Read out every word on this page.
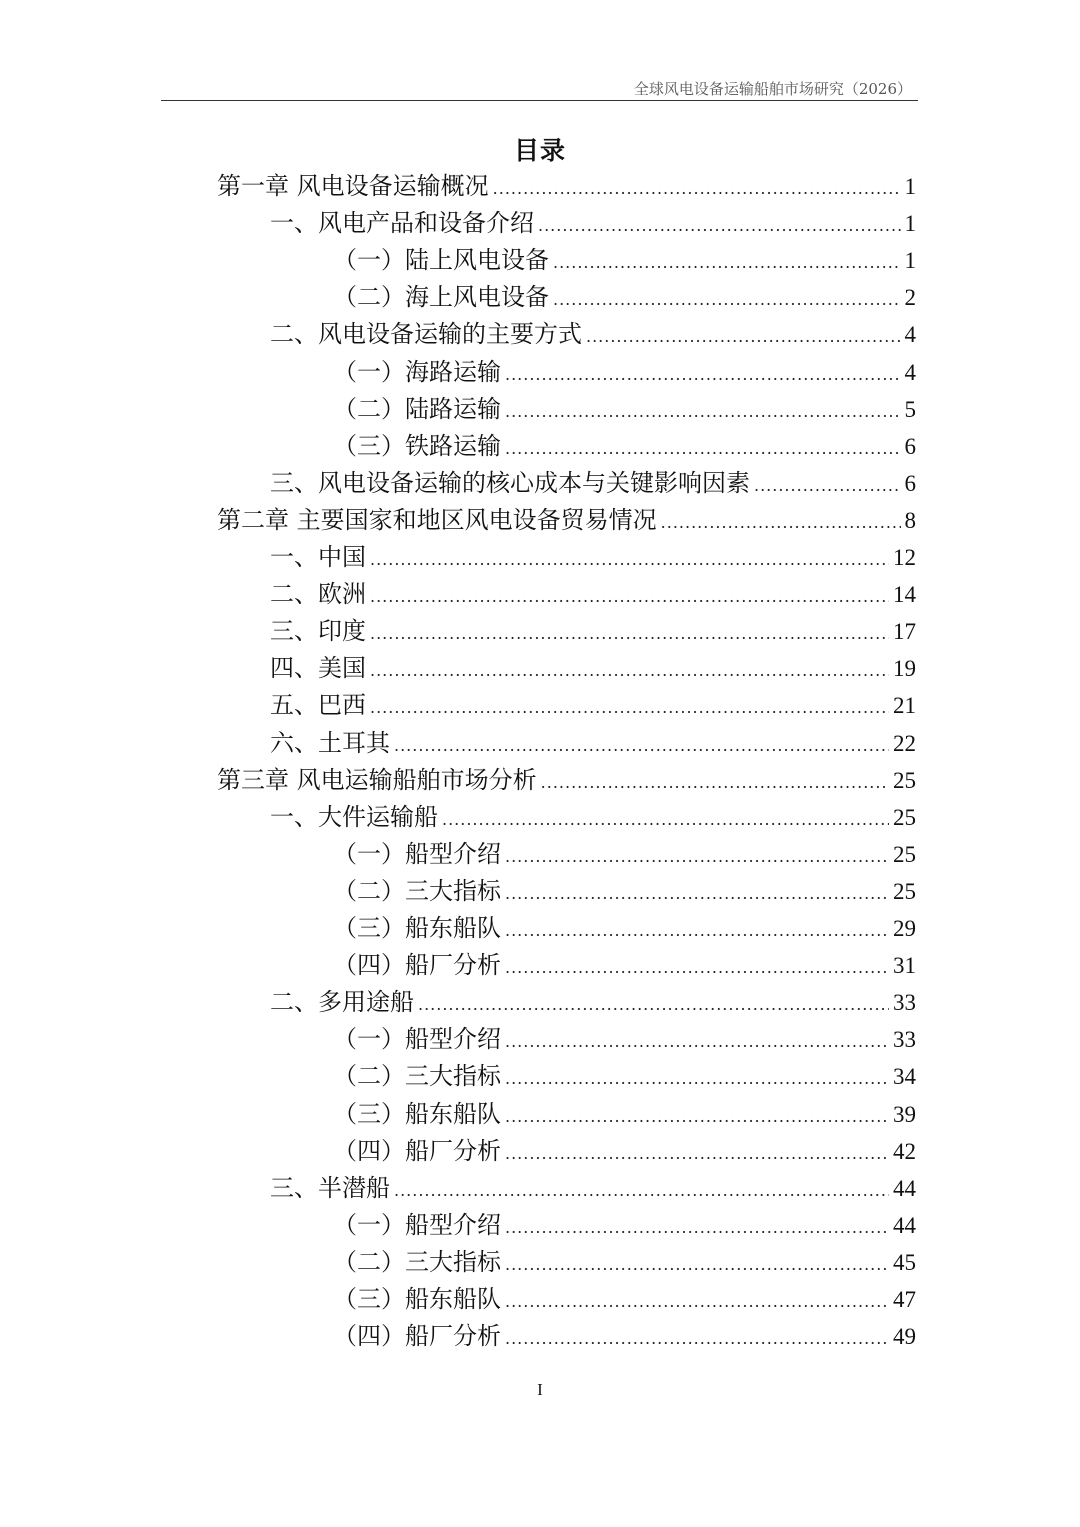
全球风电设备运输船舶市场研究（2026）
目录
第一章 风电设备运输概况 .....	1
一、风电产品和设备介绍 .....	1
（一）陆上风电设备 .....	1
（二）海上风电设备 .....	2
二、风电设备运输的主要方式 .....	4
（一）海路运输 .....	4
（二）陆路运输 .....	5
（三）铁路运输 .....	6
三、风电设备运输的核心成本与关键影响因素 .....	6
第二章 主要国家和地区风电设备贸易情况 .....	8
一、中国 .....	12
二、欧洲 .....	14
三、印度 .....	17
四、美国 .....	19
五、巴西 .....	21
六、土耳其 .....	22
第三章 风电运输船舶市场分析 .....	25
一、大件运输船 .....	25
（一）船型介绍 .....	25
（二）三大指标 .....	25
（三）船东船队 .....	29
（四）船厂分析 .....	31
二、多用途船 .....	33
（一）船型介绍 .....	33
（二）三大指标 .....	34
（三）船东船队 .....	39
（四）船厂分析 .....	42
三、半潜船 .....	44
（一）船型介绍 .....	44
（二）三大指标 .....	45
（三）船东船队 .....	47
（四）船厂分析 .....	49
I
